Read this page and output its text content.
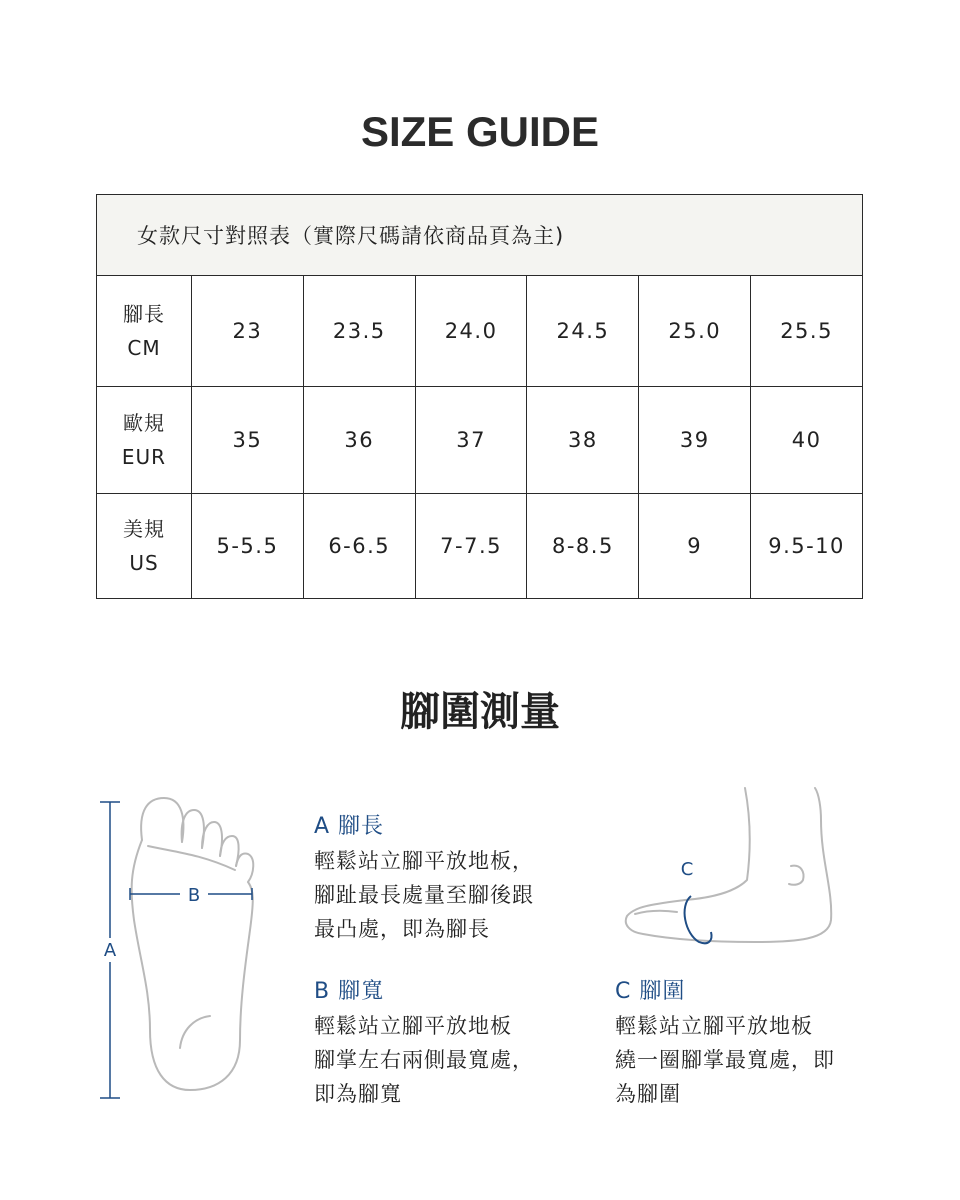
SIZE GUIDE
女款尺寸對照表（實際尺碼請依商品頁為主)						

腳長
CM	23	23.5	24.0	24.5	25.0	25.5

歐規
EUR	35	36	37	38	39	40

美規
US	5-5.5	6-6.5	7-7.5	8-8.5	9	9.5-10
腳圍測量
A
B
C
A 腳長
輕鬆站立腳平放地板，
腳趾最長處量至腳後跟
最凸處，即為腳長
B 腳寬
輕鬆站立腳平放地板
腳掌左右兩側最寬處，
即為腳寬
C 腳圍
輕鬆站立腳平放地板
繞一圈腳掌最寬處，即
為腳圍
